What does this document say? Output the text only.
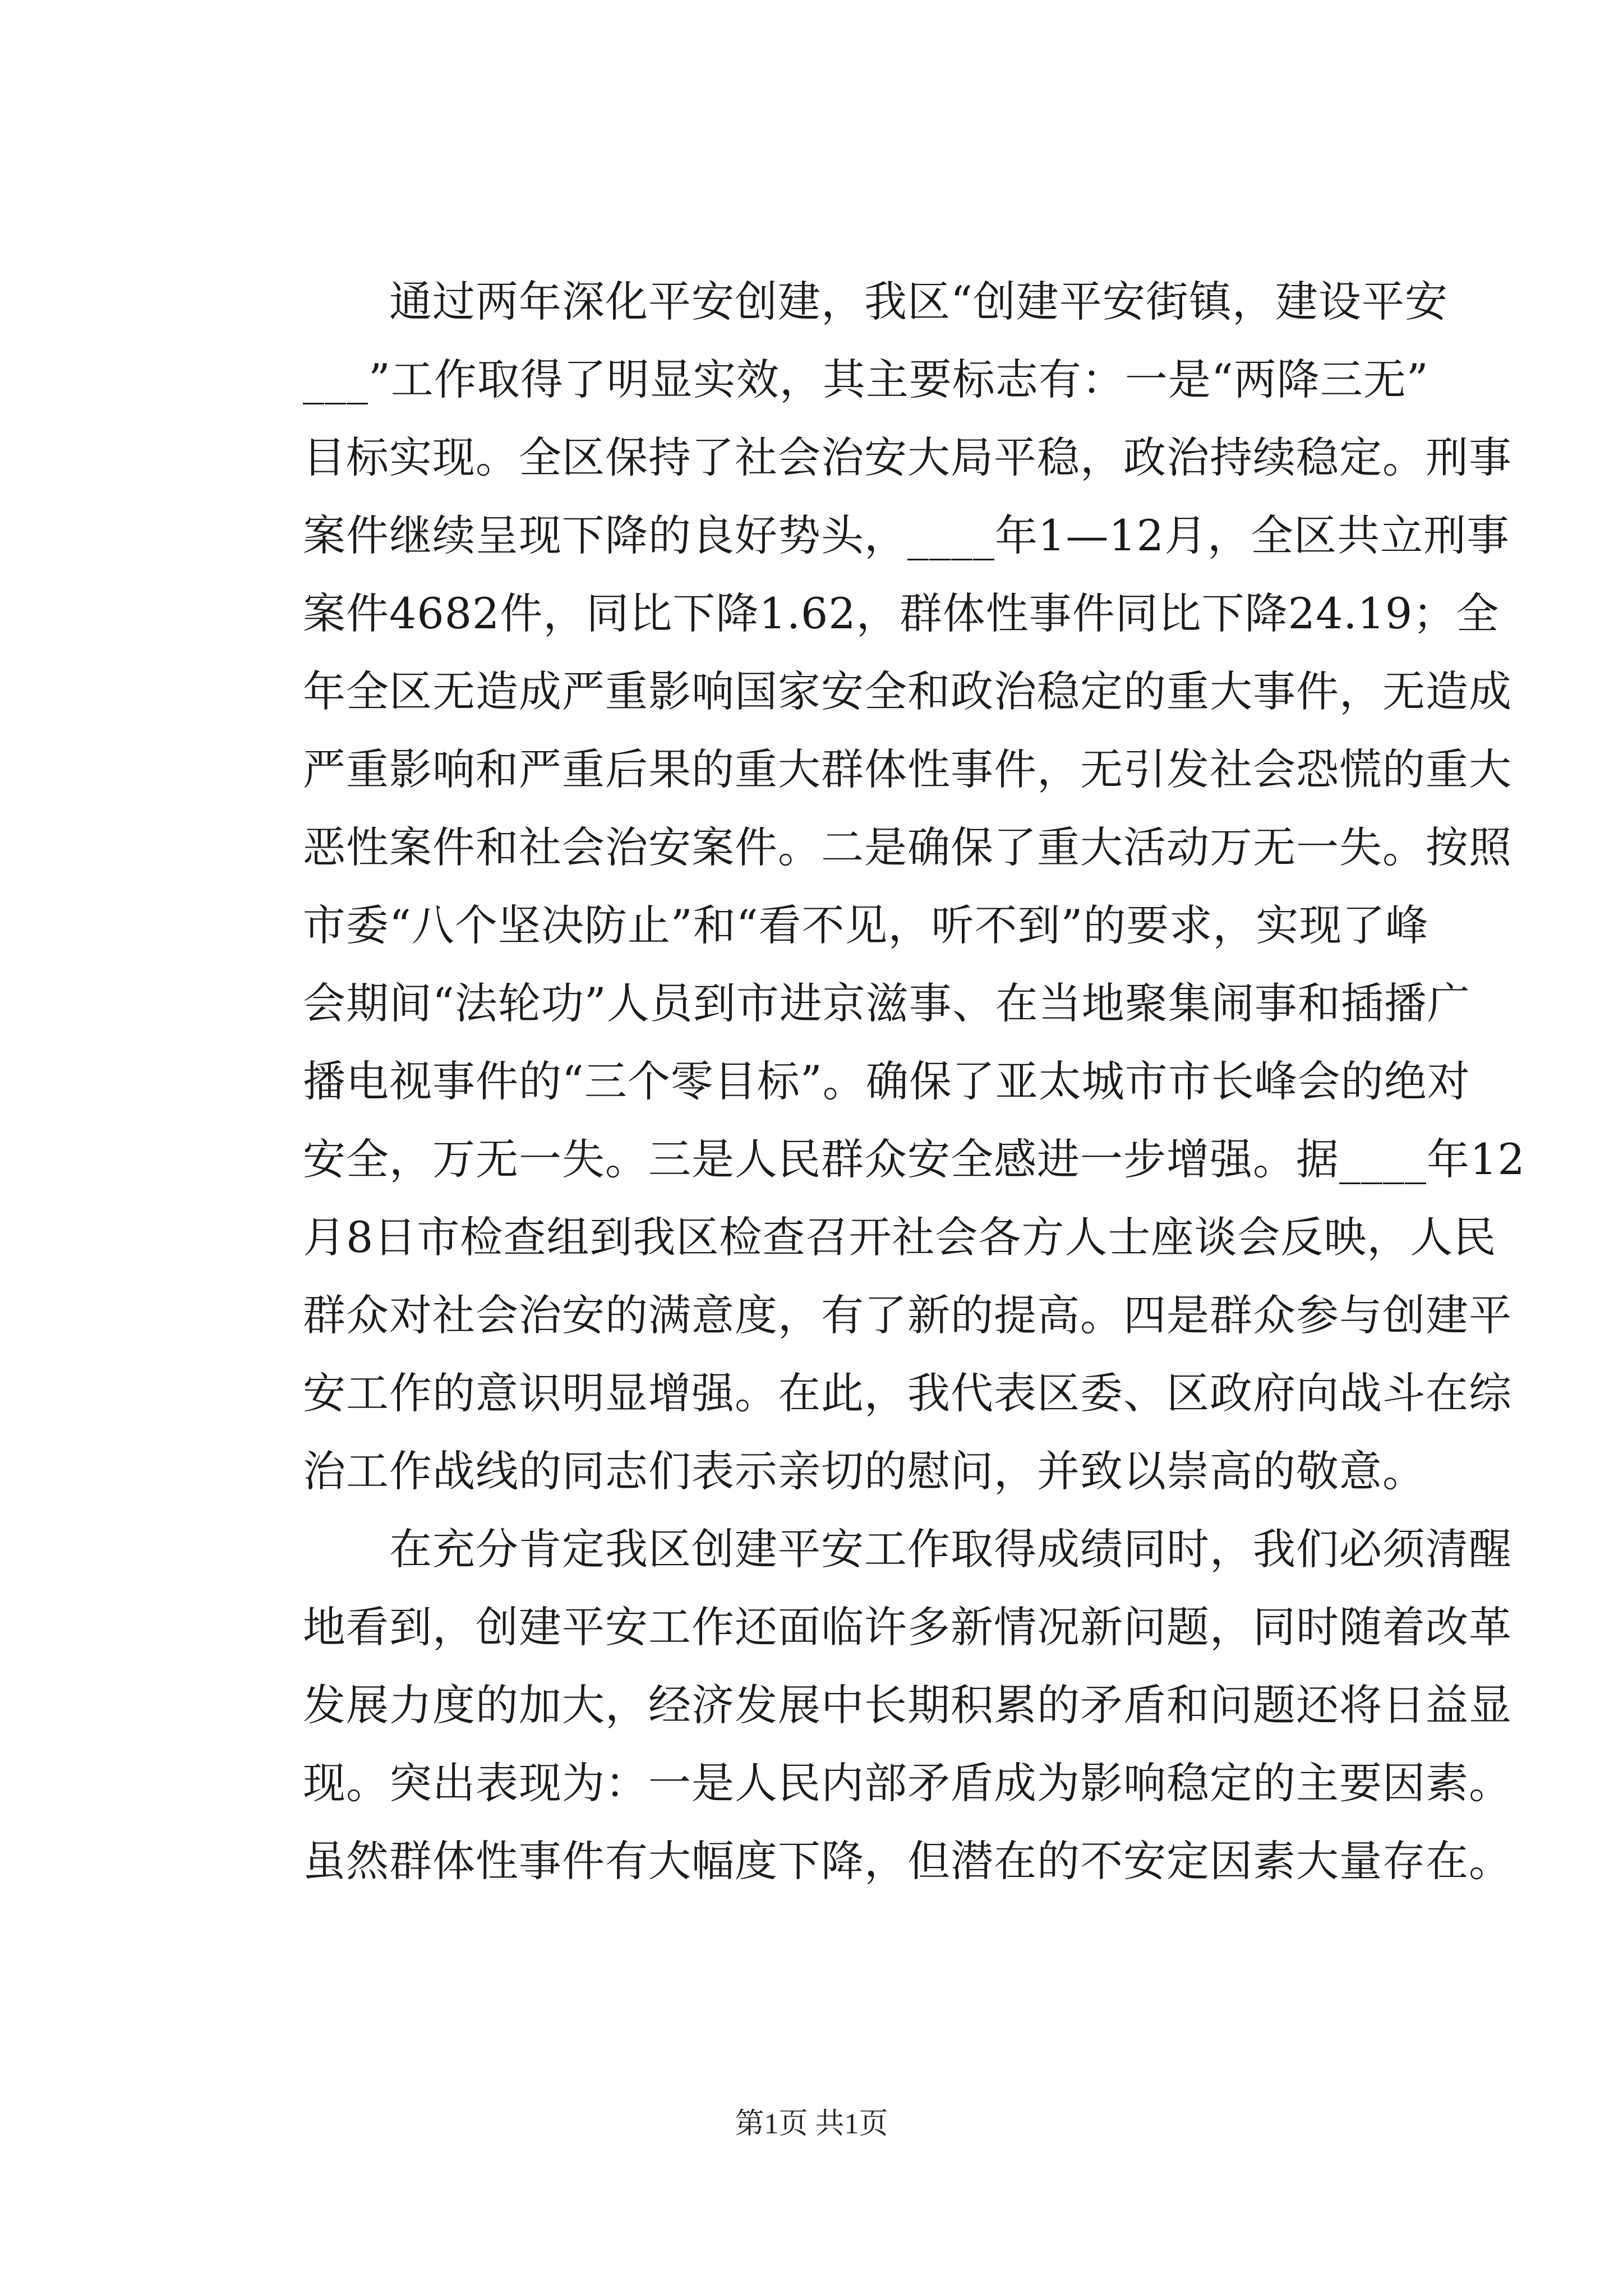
　　通过两年深化平安创建，我区“创建平安街镇，建设平安
___”工作取得了明显实效，其主要标志有：一是“两降三无”
目标实现。全区保持了社会治安大局平稳，政治持续稳定。刑事
案件继续呈现下降的良好势头，____年1—12月，全区共立刑事
案件4682件，同比下降1.62，群体性事件同比下降24.19；全
年全区无造成严重影响国家安全和政治稳定的重大事件，无造成
严重影响和严重后果的重大群体性事件，无引发社会恐慌的重大
恶性案件和社会治安案件。二是确保了重大活动万无一失。按照
市委“八个坚决防止”和“看不见，听不到”的要求，实现了峰
会期间“法轮功”人员到市进京滋事、在当地聚集闹事和插播广
播电视事件的“三个零目标”。确保了亚太城市市长峰会的绝对
安全，万无一失。三是人民群众安全感进一步增强。据____年12
月8日市检查组到我区检查召开社会各方人士座谈会反映，人民
群众对社会治安的满意度，有了新的提高。四是群众参与创建平
安工作的意识明显增强。在此，我代表区委、区政府向战斗在综
治工作战线的同志们表示亲切的慰问，并致以崇高的敬意。
　　在充分肯定我区创建平安工作取得成绩同时，我们必须清醒
地看到，创建平安工作还面临许多新情况新问题，同时随着改革
发展力度的加大，经济发展中长期积累的矛盾和问题还将日益显
现。突出表现为：一是人民内部矛盾成为影响稳定的主要因素。
虽然群体性事件有大幅度下降，但潜在的不安定因素大量存在。
第1页 共1页
